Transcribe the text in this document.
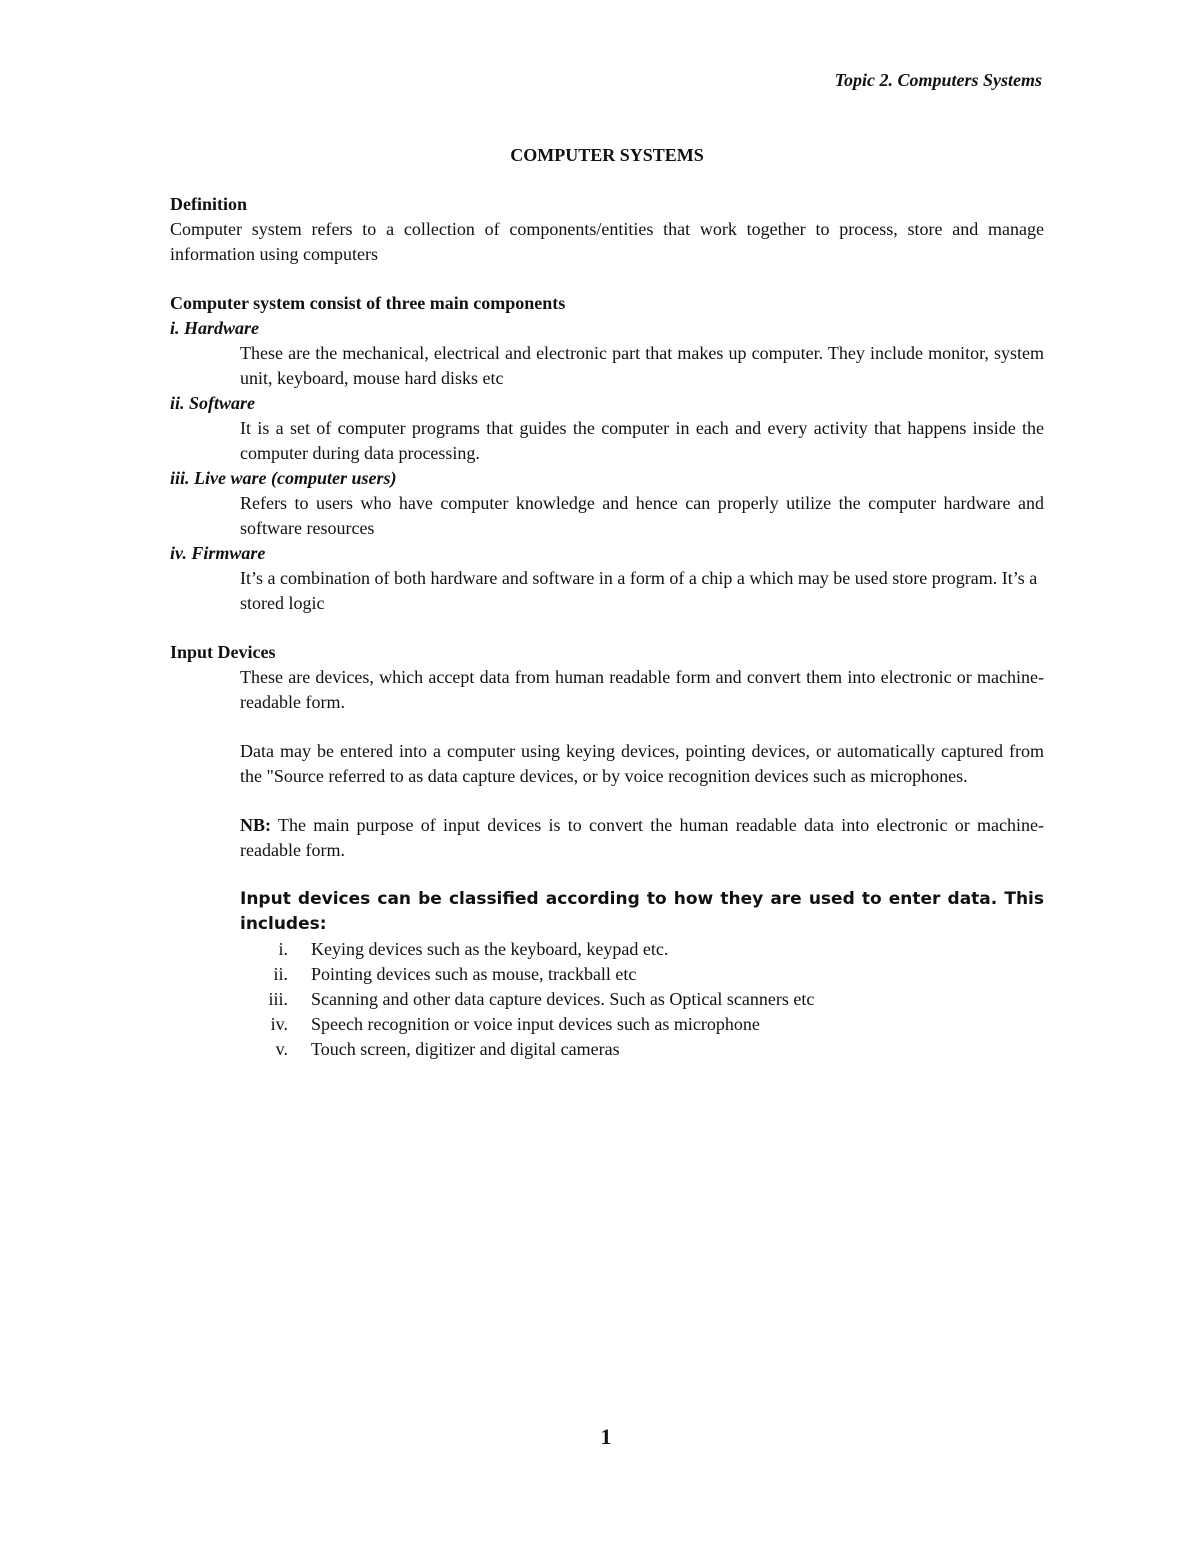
Topic 2. Computers Systems

COMPUTER SYSTEMS

Definition

Computer system refers to a collection of components/entities that work together to process, store and manage information using computers

Computer system consist of three main components

i. Hardware

These are the mechanical, electrical and electronic part that makes up computer. They include monitor, system unit, keyboard, mouse hard disks etc

ii. Software

It is a set of computer programs that guides the computer in each and every activity that happens inside the computer during data processing.

iii. Live ware (computer users)

Refers to users who have computer knowledge and hence can properly utilize the computer hardware and software resources

iv. Firmware

It’s a combination of both hardware and software in a form of a chip a which may be used store program. It’s a stored logic

Input Devices

These are devices, which accept data from human readable form and convert them into electronic or machine-readable form.

Data may be entered into a computer using keying devices, pointing devices, or automatically captured from the "Source referred to as data capture devices, or by voice recognition devices such as microphones.

NB: The main purpose of input devices is to convert the human readable data into electronic or machine-readable form.

Input devices can be classified according to how they are used to enter data. This includes:

i. Keying devices such as the keyboard, keypad etc.
ii. Pointing devices such as mouse, trackball etc
iii. Scanning and other data capture devices. Such as Optical scanners etc
iv. Speech recognition or voice input devices such as microphone
v. Touch screen, digitizer and digital cameras
1
